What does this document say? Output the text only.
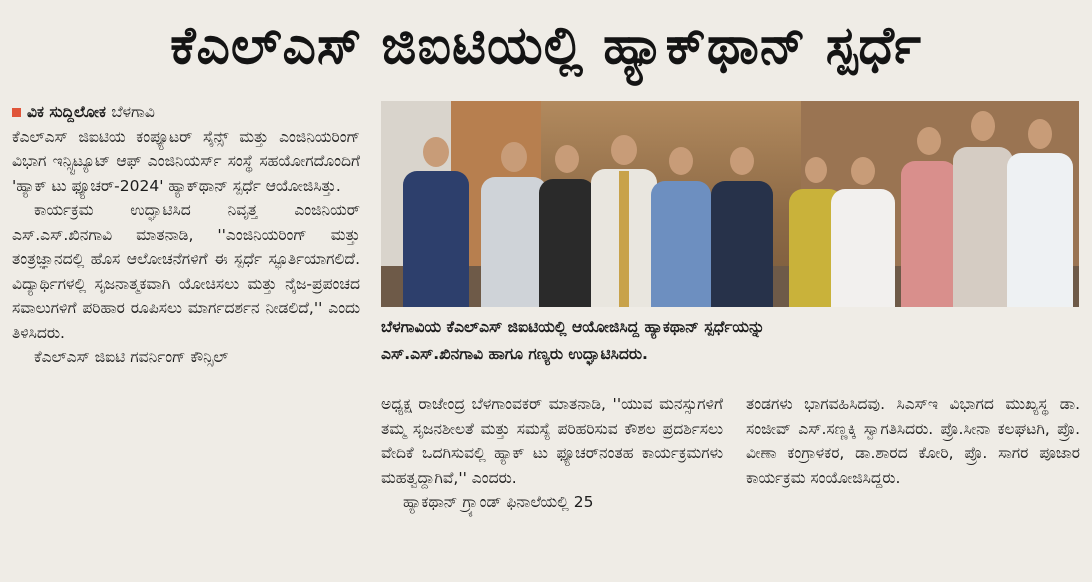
ಕೆಎಲ್‌ಎಸ್ ಜಿಐಟಿಯಲ್ಲಿ ಹ್ಯಾಕ್‌ಥಾನ್ ಸ್ಪರ್ಧೆ

ವಿಕ ಸುದ್ದಿಲೋಕ ಬೆಳಗಾವಿ

ಕೆಎಲ್‌ಎಸ್ ಜಿಐಟಿಯ ಕಂಪ್ಯೂಟರ್ ಸೈನ್ಸ್ ಮತ್ತು ಎಂಜಿನಿಯರಿಂಗ್ ವಿಭಾಗ ಇನ್ಸ್ಟಿಟ್ಯೂಟ್ ಆಫ್ ಎಂಜಿನಿಯರ್ಸ್ ಸಂಸ್ಥೆ ಸಹಯೋಗದೊಂದಿಗೆ 'ಹ್ಯಾಕ್ ಟು ಫ್ಯೂಚರ್-2024' ಹ್ಯಾಕ್‌ಥಾನ್ ಸ್ಪರ್ಧೆ ಆಯೋಜಿಸಿತ್ತು.

ಕಾರ್ಯಕ್ರಮ ಉದ್ಘಾಟಿಸಿದ ನಿವೃತ್ತ ಎಂಜಿನಿಯರ್ ಎಸ್.ಎಸ್.ಖಿನಗಾವಿ ಮಾತನಾಡಿ, ''ಎಂಜಿನಿಯರಿಂಗ್ ಮತ್ತು ತಂತ್ರಜ್ಞಾನದಲ್ಲಿ ಹೊಸ ಆಲೋಚನೆಗಳಿಗೆ ಈ ಸ್ಪರ್ಧೆ ಸ್ಫೂರ್ತಿಯಾಗಲಿದೆ. ವಿದ್ಯಾರ್ಥಿಗಳಲ್ಲಿ ಸೃಜನಾತ್ಮಕವಾಗಿ ಯೋಚಿಸಲು ಮತ್ತು ನೈಜ-ಪ್ರಪಂಚದ ಸವಾಲುಗಳಿಗೆ ಪರಿಹಾರ ರೂಪಿಸಲು ಮಾರ್ಗದರ್ಶನ ನೀಡಲಿದೆ,'' ಎಂದು ತಿಳಿಸಿದರು.

ಕೆಎಲ್‌ಎಸ್ ಜಿಐಟಿ ಗವರ್ನಿಂಗ್ ಕೌನ್ಸಿಲ್

ಬೆಳಗಾವಿಯ ಕೆಎಲ್‌ಎಸ್ ಜಿಐಟಿಯಲ್ಲಿ ಆಯೋಜಿಸಿದ್ದ ಹ್ಯಾಕಥಾನ್ ಸ್ಪರ್ಧೆಯನ್ನು
ಎಸ್.ಎಸ್.ಖಿನಗಾವಿ ಹಾಗೂ ಗಣ್ಯರು ಉದ್ಘಾಟಿಸಿದರು.

ಅಧ್ಯಕ್ಷ ರಾಜೇಂದ್ರ ಬೆಳಗಾಂವಕರ್ ಮಾತನಾಡಿ, ''ಯುವ ಮನಸ್ಸುಗಳಿಗೆ ತಮ್ಮ ಸೃಜನಶೀಲತೆ ಮತ್ತು ಸಮಸ್ಯೆ ಪರಿಹರಿಸುವ ಕೌಶಲ ಪ್ರದರ್ಶಿಸಲು ವೇದಿಕೆ ಒದಗಿಸುವಲ್ಲಿ ಹ್ಯಾಕ್ ಟು ಫ್ಯೂಚರ್‌ನಂತಹ ಕಾರ್ಯಕ್ರಮಗಳು ಮಹತ್ವದ್ದಾಗಿವೆ,'' ಎಂದರು.

ಹ್ಯಾಕಥಾನ್ ಗ್ರ್ಯಾಂಡ್ ಫಿನಾಲೆಯಲ್ಲಿ 25

ತಂಡಗಳು ಭಾಗವಹಿಸಿದವು. ಸಿಎಸ್‌ಇ ವಿಭಾಗದ ಮುಖ್ಯಸ್ಥ ಡಾ. ಸಂಜೀವ್ ಎಸ್.ಸಣ್ಣಕ್ಕಿ ಸ್ವಾಗತಿಸಿದರು. ಪ್ರೊ.ಸೀನಾ ಕಲಘಟಗಿ, ಪ್ರೊ. ವೀಣಾ ಕಂಗ್ರಾಳಕರ, ಡಾ.ಶಾರದ ಕೋರಿ, ಪ್ರೊ. ಸಾಗರ ಪೂಜಾರ ಕಾರ್ಯಕ್ರಮ ಸಂಯೋಜಿಸಿದ್ದರು.
